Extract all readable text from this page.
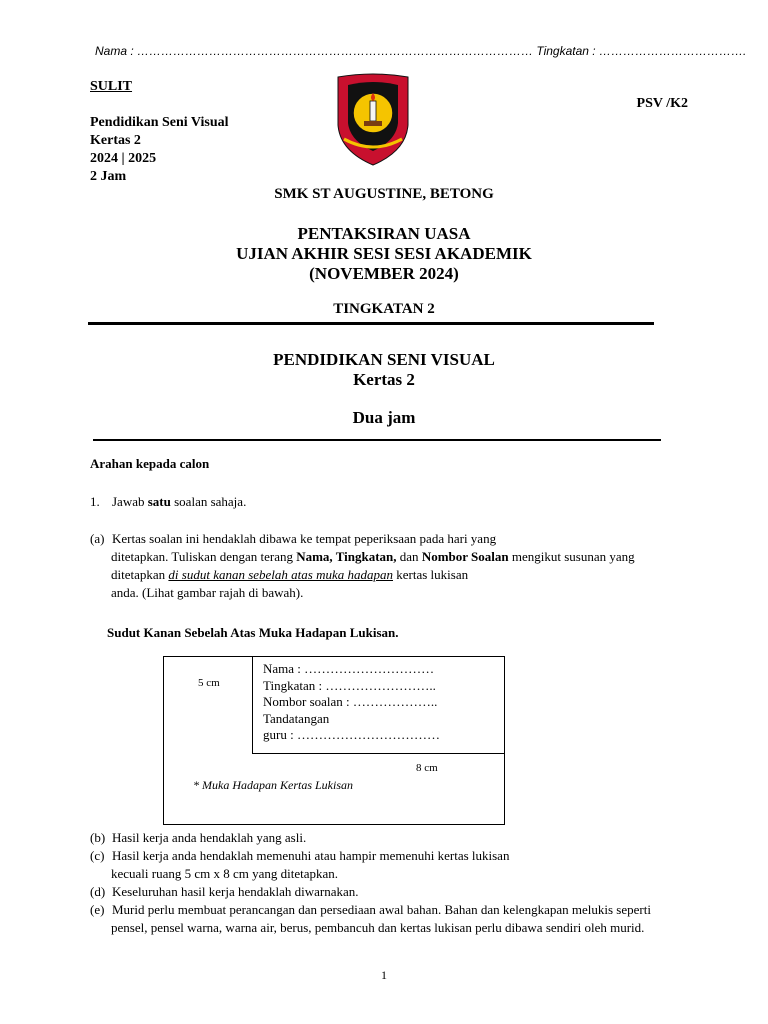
Nama : ……………………………………………………………………………………… Tingkatan : ……………………………….
SULIT
Pendidikan Seni Visual
Kertas 2
2024 | 2025
2 Jam
PSV /K2
SMK ST AUGUSTINE, BETONG
PENTAKSIRAN UASA
UJIAN AKHIR SESI SESI AKADEMIK
(NOVEMBER 2024)
TINGKATAN 2
PENDIDIKAN SENI VISUAL
Kertas 2
Dua jam
Arahan kepada calon
1. Jawab satu soalan sahaja.
(a) Kertas soalan ini hendaklah dibawa ke tempat peperiksaan pada hari yang
ditetapkan. Tuliskan dengan terang Nama, Tingkatan, dan Nombor Soalan mengikut susunan yang
ditetapkan di sudut kanan sebelah atas muka hadapan kertas lukisan
anda. (Lihat gambar rajah di bawah).
Sudut Kanan Sebelah Atas Muka Hadapan Lukisan.
Nama : …………………………
Tingkatan : ……………………..
Nombor soalan : ………………..
Tandatangan
guru : ……………………………
5 cm
8 cm
* Muka Hadapan Kertas Lukisan
(b) Hasil kerja anda hendaklah yang asli.
(c) Hasil kerja anda hendaklah memenuhi atau hampir memenuhi kertas lukisan
kecuali ruang 5 cm x 8 cm yang ditetapkan.
(d) Keseluruhan hasil kerja hendaklah diwarnakan.
(e) Murid perlu membuat perancangan dan persediaan awal bahan. Bahan dan kelengkapan melukis seperti
pensel, pensel warna, warna air, berus, pembancuh dan kertas lukisan perlu dibawa sendiri oleh murid.
1
